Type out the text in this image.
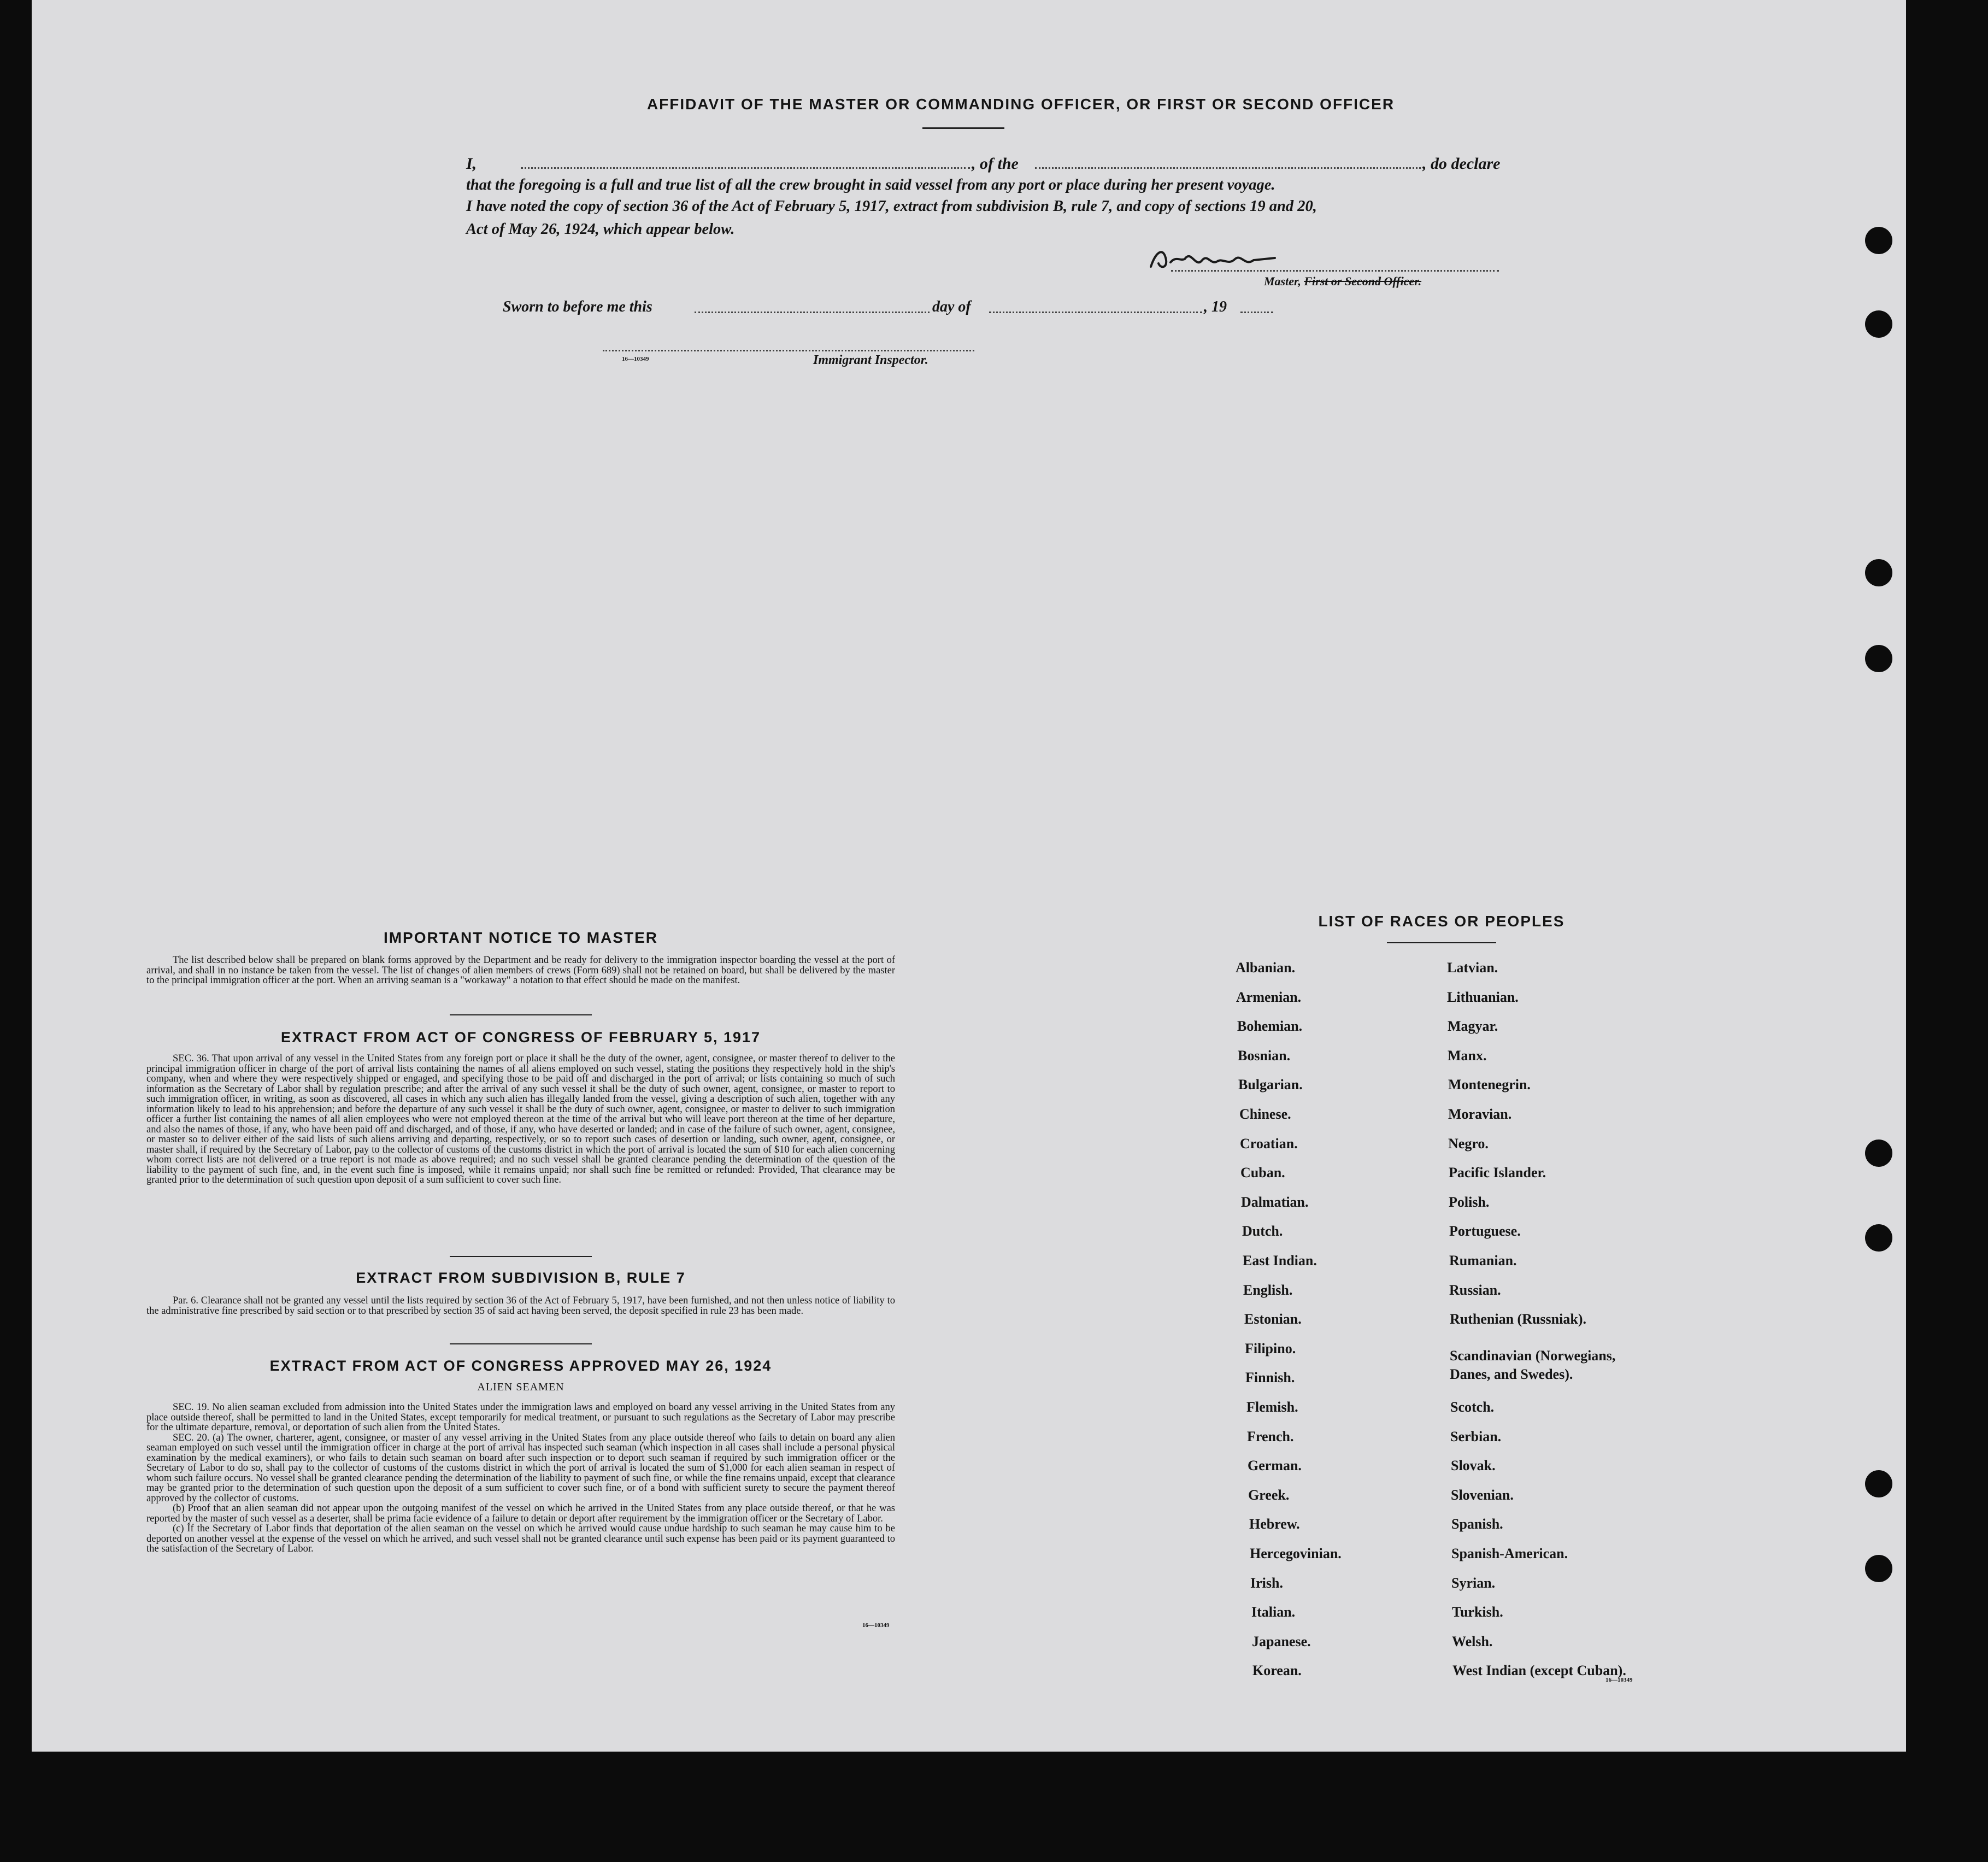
AFFIDAVIT OF THE MASTER OR COMMANDING OFFICER, OR FIRST OR SECOND OFFICER
I,	, of the	, do declare
that the foregoing is a full and true list of all the crew brought in said vessel from any port or place during her present voyage.
I have noted the copy of section 36 of the Act of February 5, 1917, extract from subdivision B, rule 7, and copy of sections 19 and 20,
Act of May 26, 1924, which appear below.
Master, First or Second Officer.
Sworn to before me this	day of	, 19
16—10349	Immigrant Inspector.
IMPORTANT NOTICE TO MASTER

The list described below shall be prepared on blank forms approved by the Department and be ready for delivery to the immigration inspector boarding the vessel at the port of arrival, and shall in no instance be taken from the vessel. The list of changes of alien members of crews (Form 689) shall not be retained on board, but shall be delivered by the master to the principal immigration officer at the port. When an arriving seaman is a "workaway" a notation to that effect should be made on the manifest.

EXTRACT FROM ACT OF CONGRESS OF FEBRUARY 5, 1917

SEC. 36. That upon arrival of any vessel in the United States from any foreign port or place it shall be the duty of the owner, agent, consignee, or master thereof to deliver to the principal immigration officer in charge of the port of arrival lists containing the names of all aliens employed on such vessel, stating the positions they respectively hold in the ship's company, when and where they were respectively shipped or engaged, and specifying those to be paid off and discharged in the port of arrival; or lists containing so much of such information as the Secretary of Labor shall by regulation prescribe; and after the arrival of any such vessel it shall be the duty of such owner, agent, consignee, or master to report to such immigration officer, in writing, as soon as discovered, all cases in which any such alien has illegally landed from the vessel, giving a description of such alien, together with any information likely to lead to his apprehension; and before the departure of any such vessel it shall be the duty of such owner, agent, consignee, or master to deliver to such immigration officer a further list containing the names of all alien employees who were not employed thereon at the time of the arrival but who will leave port thereon at the time of her departure, and also the names of those, if any, who have been paid off and discharged, and of those, if any, who have deserted or landed; and in case of the failure of such owner, agent, consignee, or master so to deliver either of the said lists of such aliens arriving and departing, respectively, or so to report such cases of desertion or landing, such owner, agent, consignee, or master shall, if required by the Secretary of Labor, pay to the collector of customs of the customs district in which the port of arrival is located the sum of $10 for each alien concerning whom correct lists are not delivered or a true report is not made as above required; and no such vessel shall be granted clearance pending the determination of the question of the liability to the payment of such fine, and, in the event such fine is imposed, while it remains unpaid; nor shall such fine be remitted or refunded: Provided, That clearance may be granted prior to the determination of such question upon deposit of a sum sufficient to cover such fine.

EXTRACT FROM SUBDIVISION B, RULE 7

Par. 6. Clearance shall not be granted any vessel until the lists required by section 36 of the Act of February 5, 1917, have been furnished, and not then unless notice of liability to the administrative fine prescribed by said section or to that prescribed by section 35 of said act having been served, the deposit specified in rule 23 has been made.

EXTRACT FROM ACT OF CONGRESS APPROVED MAY 26, 1924
ALIEN SEAMEN

SEC. 19. No alien seaman excluded from admission into the United States under the immigration laws and employed on board any vessel arriving in the United States from any place outside thereof, shall be permitted to land in the United States, except temporarily for medical treatment, or pursuant to such regulations as the Secretary of Labor may prescribe for the ultimate departure, removal, or deportation of such alien from the United States.

SEC. 20. (a) The owner, charterer, agent, consignee, or master of any vessel arriving in the United States from any place outside thereof who fails to detain on board any alien seaman employed on such vessel until the immigration officer in charge at the port of arrival has inspected such seaman (which inspection in all cases shall include a personal physical examination by the medical examiners), or who fails to detain such seaman on board after such inspection or to deport such seaman if required by such immigration officer or the Secretary of Labor to do so, shall pay to the collector of customs of the customs district in which the port of arrival is located the sum of $1,000 for each alien seaman in respect of whom such failure occurs. No vessel shall be granted clearance pending the determination of the liability to payment of such fine, or while the fine remains unpaid, except that clearance may be granted prior to the determination of such question upon the deposit of a sum sufficient to cover such fine, or of a bond with sufficient surety to secure the payment thereof approved by the collector of customs.

(b) Proof that an alien seaman did not appear upon the outgoing manifest of the vessel on which he arrived in the United States from any place outside thereof, or that he was reported by the master of such vessel as a deserter, shall be prima facie evidence of a failure to detain or deport after requirement by the immigration officer or the Secretary of Labor.

(c) If the Secretary of Labor finds that deportation of the alien seaman on the vessel on which he arrived would cause undue hardship to such seaman he may cause him to be deported on another vessel at the expense of the vessel on which he arrived, and such vessel shall not be granted clearance until such expense has been paid or its payment guaranteed to the satisfaction of the Secretary of Labor.

16—10349
LIST OF RACES OR PEOPLES
Albanian.
Armenian.
Bohemian.
Bosnian.
Bulgarian.
Chinese.
Croatian.
Cuban.
Dalmatian.
Dutch.
East Indian.
English.
Estonian.
Filipino.
Finnish.
Flemish.
French.
German.
Greek.
Hebrew.
Hercegovinian.
Irish.
Italian.
Japanese.
Korean.
Latvian.
Lithuanian.
Magyar.
Manx.
Montenegrin.
Moravian.
Negro.
Pacific Islander.
Polish.
Portuguese.
Rumanian.
Russian.
Ruthenian (Russniak).
Scandinavian (Norwegians, Danes, and Swedes).
Scotch.
Serbian.
Slovak.
Slovenian.
Spanish.
Spanish-American.
Syrian.
Turkish.
Welsh.
West Indian (except Cuban).
16—10349
